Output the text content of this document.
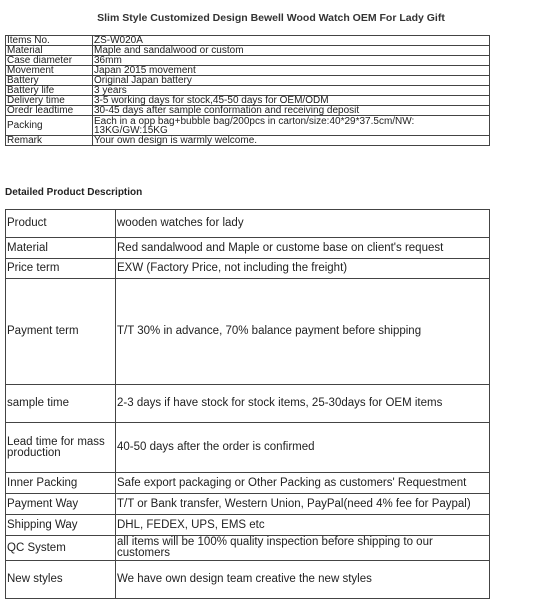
Slim Style Customized Design Bewell Wood Watch OEM For Lady Gift
Items No.	ZS-W020A
Material	Maple and sandalwood or custom
Case diameter	36mm
Movement	Japan 2015 movement
Battery	Original Japan battery
Battery life	3 years
Delivery time	3-5 working days for stock,45-50 days for OEM/ODM
Oredr leadtime	30-45 days after sample conformation and receiving deposit
Packing	Each in a opp bag+bubble bag/200pcs in carton/size:40*29*37.5cm/NW: 13KG/GW:15KG
Remark	Your own design is warmly welcome.
Detailed Product Description
Product	wooden watches for lady
Material	Red sandalwood and Maple or custome base on client's request
Price term	EXW (Factory Price, not including the freight)
Payment term	T/T 30% in advance, 70% balance payment before shipping
sample time	2-3 days if have stock for stock items, 25-30days for OEM items
Lead time for mass production	40-50 days after the order is confirmed
Inner Packing	Safe export packaging or Other Packing as customers' Requestment
Payment Way	T/T or Bank transfer, Western Union, PayPal(need 4% fee for Paypal)
Shipping Way	DHL, FEDEX, UPS, EMS etc
QC System	all items will be 100% quality inspection before shipping to our customers
New styles	We have own design team creative the new styles
